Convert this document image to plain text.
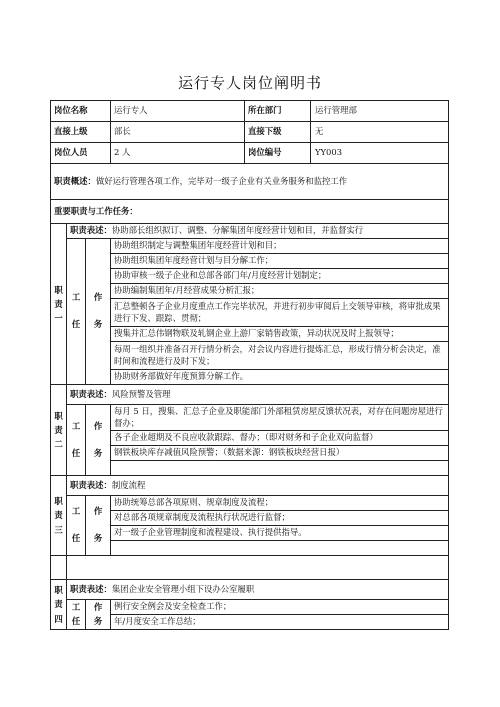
运行专人岗位阐明书
岗位名称			运行专人	所在部门 运行管理部

直接上级			部长	直接下级 无

岗位人员			2 人	岗位编号 YY003

职责概述：做好运行管理各项工作，完毕对一级子企业有关业务服务和监控工作				
重要职责与工作任务：				
职
责
一	职责表述：协助部长组织拟订、调整、分解集团年度经营计划和目，并监督实行			
	工

任	作

务	协助组织制定与调整集团年度经营计划和目；	
			协助组织集团年度经营计划与目分解工作；	
			协助审核一级子企业和总部各部门年/月度经营计划制定；	
			协助编制集团年/月经营成果分析汇报；	
			汇总整顿各子企业月度重点工作完毕状况，并进行初步审阅后上交领导审核，将审批成果进行下发、跟踪、贯彻；	
			搜集并汇总伟钢物联及轧钢企业上游厂家销售政策，异动状况及时上报领导；	
			每周一组织并准备召开行情分析会，对会议内容进行提炼汇总，形成行情分析会决定，准时间和流程进行及时下发；	
			协助财务部做好年度预算分解工作。	
职
责
二	职责表述：风险预警及管理			
	工

任	作

务	每月 5 日，搜集、汇总子企业及职能部门外部租赁房屋反馈状况表，对存在问题房屋进行督办；	
			各子企业超期及不良应收款跟踪、督办；（即对财务和子企业双向监督）	
			钢铁板块库存减值风险预警；（数据来源：钢铁板块经营日报）	

职
责
三	职责表述：制度流程			
	工

任	作

务	协助统筹总部各项原则、规章制度及流程；	
			对总部各项规章制度及流程执行状况进行监督；	
			对一级子企业管理制度和流程建设、执行提供指导。	

职
责
四	职责表述：集团企业安全管理小组下设办公室履职			
	工
任	作
务	例行安全例会及安全检查工作；	
			年/月度安全工作总结；	
